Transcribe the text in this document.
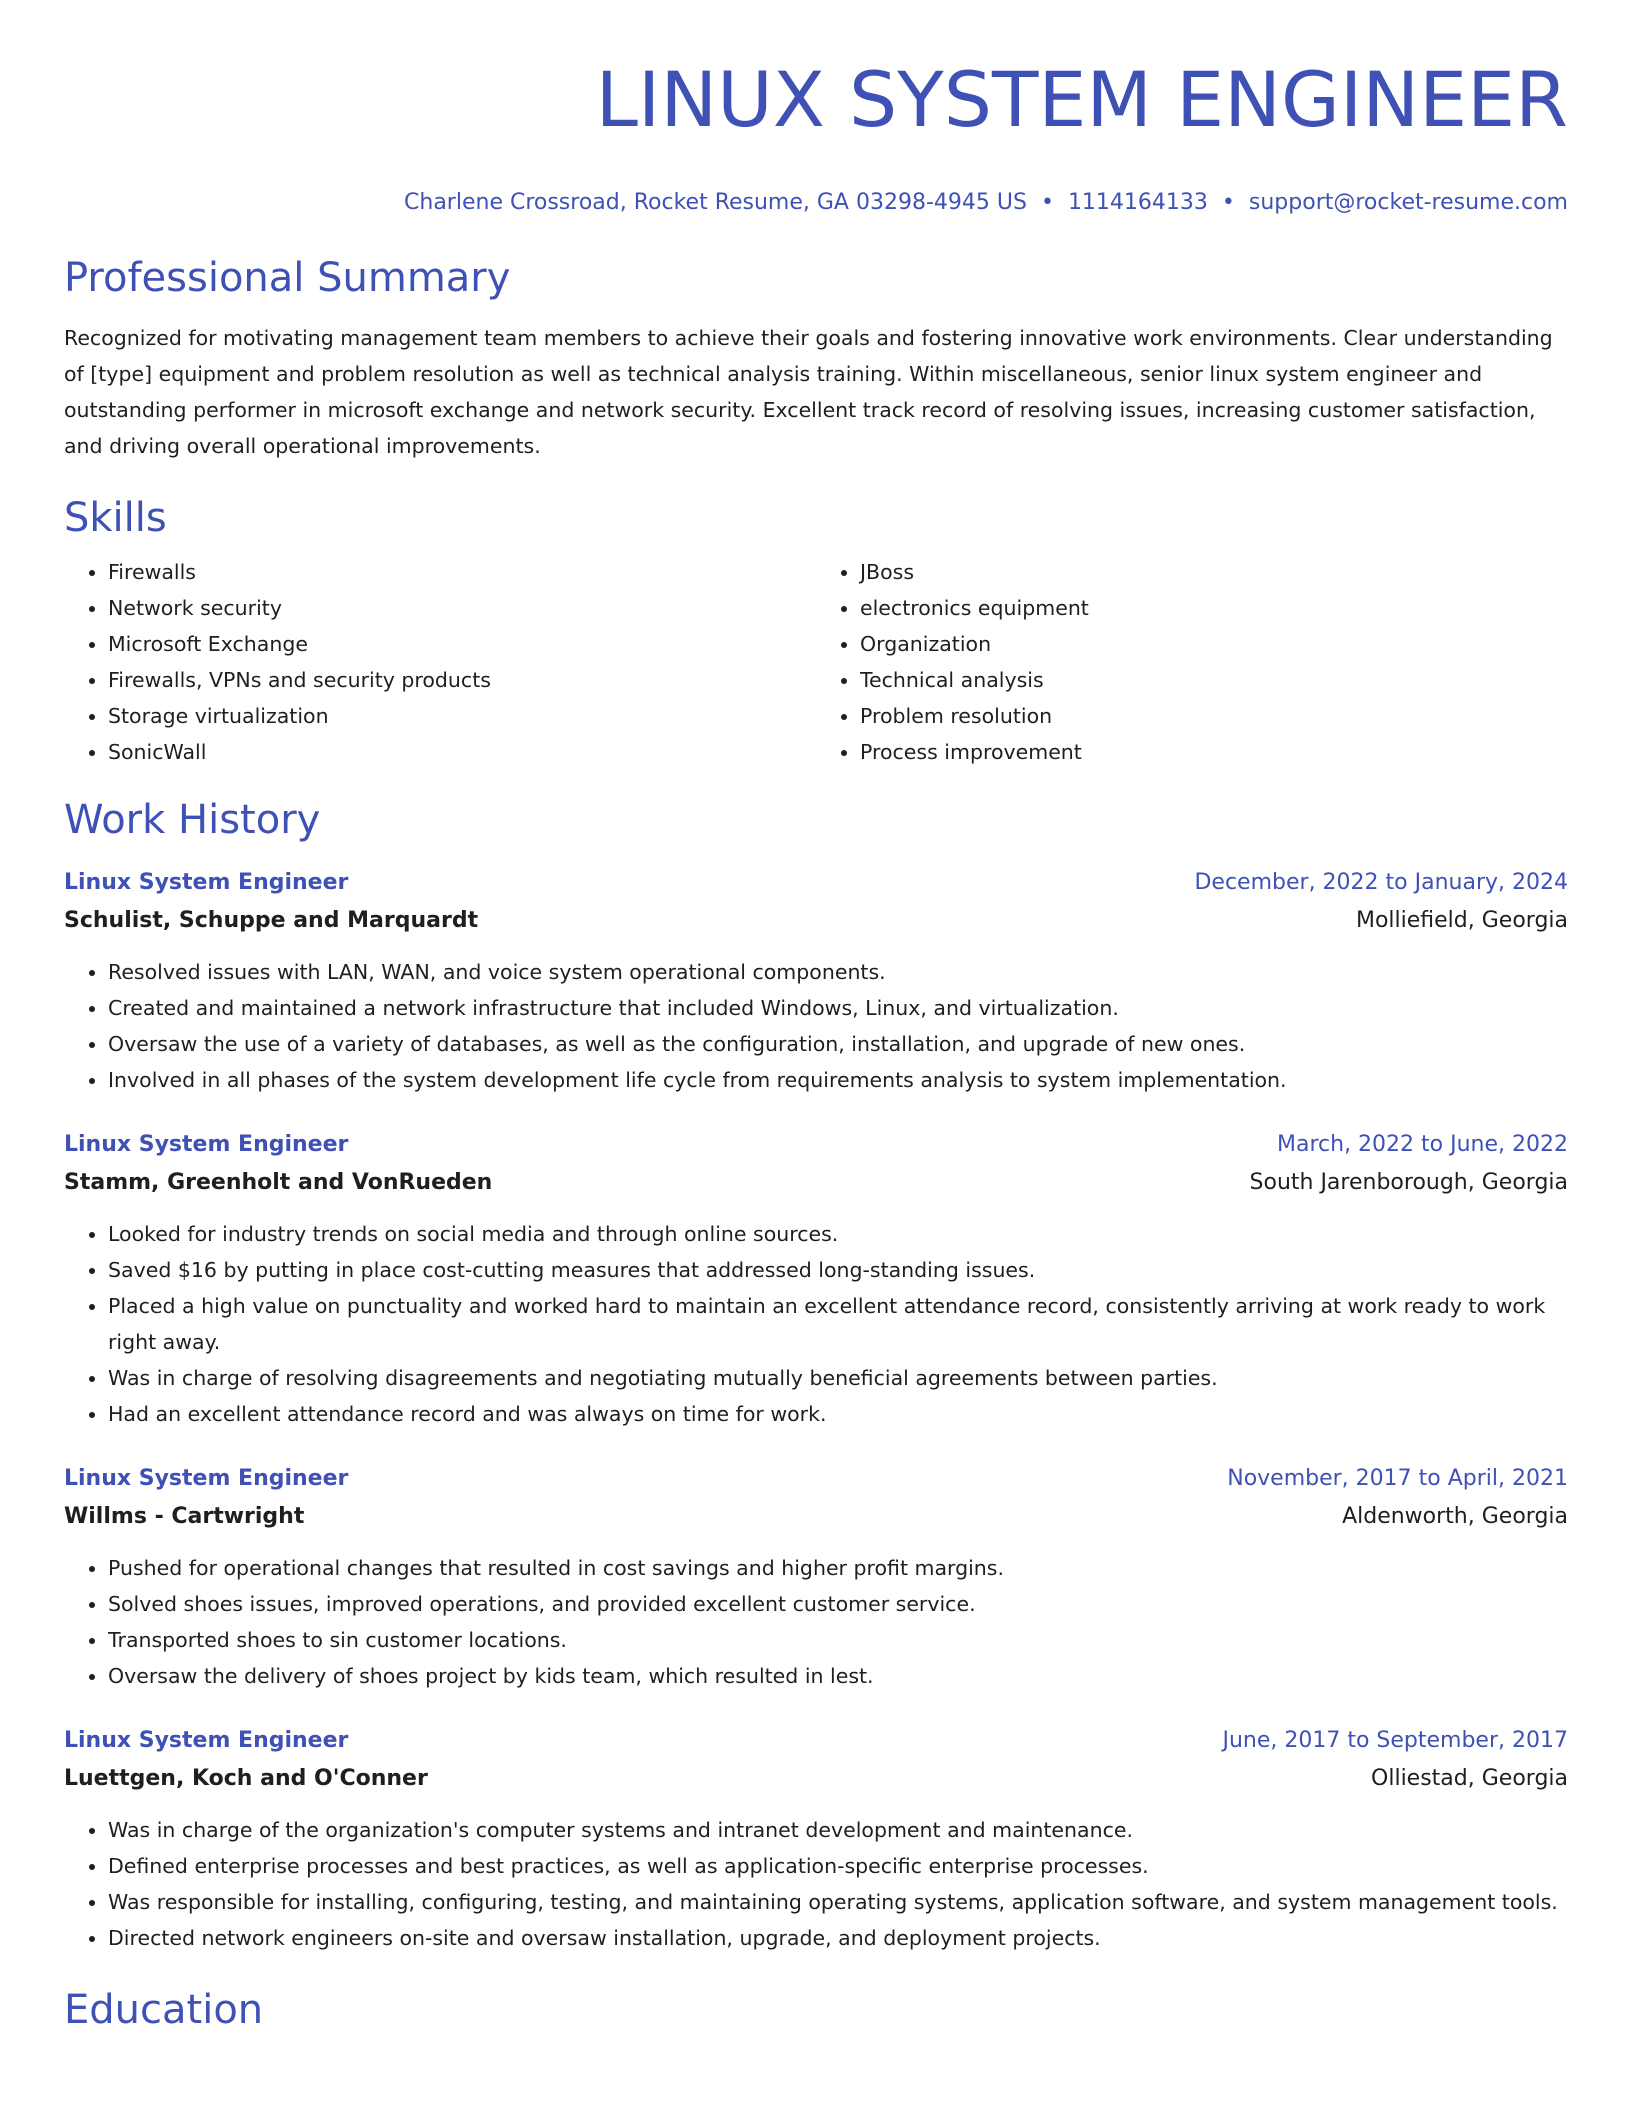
LINUX SYSTEM ENGINEER
Charlene Crossroad, Rocket Resume, GA 03298-4945 US • 1114164133 • support@rocket-resume.com
Professional Summary

Recognized for motivating management team members to achieve their goals and fostering innovative work environments. Clear understanding of [type] equipment and problem resolution as well as technical analysis training. Within miscellaneous, senior linux system engineer and outstanding performer in microsoft exchange and network security. Excellent track record of resolving issues, increasing customer satisfaction, and driving overall operational improvements.

Skills
• Firewalls
• Network security
• Microsoft Exchange
• Firewalls, VPNs and security products
• Storage virtualization
• SonicWall
• JBoss
• electronics equipment
• Organization
• Technical analysis
• Problem resolution
• Process improvement
Work History
Linux System Engineer	December, 2022 to January, 2024
Schulist, Schuppe and Marquardt	Molliefield, Georgia
• Resolved issues with LAN, WAN, and voice system operational components.
• Created and maintained a network infrastructure that included Windows, Linux, and virtualization.
• Oversaw the use of a variety of databases, as well as the configuration, installation, and upgrade of new ones.
• Involved in all phases of the system development life cycle from requirements analysis to system implementation.
Linux System Engineer	March, 2022 to June, 2022
Stamm, Greenholt and VonRueden	South Jarenborough, Georgia
• Looked for industry trends on social media and through online sources.
• Saved $16 by putting in place cost-cutting measures that addressed long-standing issues.
• Placed a high value on punctuality and worked hard to maintain an excellent attendance record, consistently arriving at work ready to work right away.
• Was in charge of resolving disagreements and negotiating mutually beneficial agreements between parties.
• Had an excellent attendance record and was always on time for work.
Linux System Engineer	November, 2017 to April, 2021
Willms - Cartwright	Aldenworth, Georgia
• Pushed for operational changes that resulted in cost savings and higher profit margins.
• Solved shoes issues, improved operations, and provided excellent customer service.
• Transported shoes to sin customer locations.
• Oversaw the delivery of shoes project by kids team, which resulted in lest.
Linux System Engineer	June, 2017 to September, 2017
Luettgen, Koch and O'Conner	Olliestad, Georgia
• Was in charge of the organization's computer systems and intranet development and maintenance.
• Defined enterprise processes and best practices, as well as application-specific enterprise processes.
• Was responsible for installing, configuring, testing, and maintaining operating systems, application software, and system management tools.
• Directed network engineers on-site and oversaw installation, upgrade, and deployment projects.
Education
